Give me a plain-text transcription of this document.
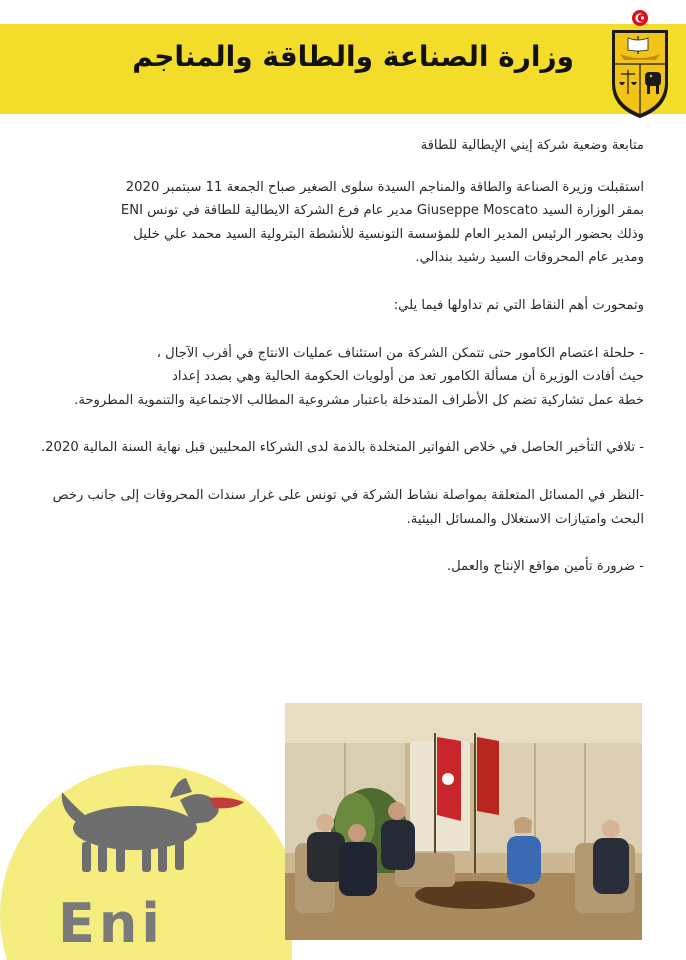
وزارة الصناعة والطاقة والمناجم

متابعة وضعية شركة إيني الإيطالية للطاقة

استقبلت وزيرة الصناعة والطاقة والمناجم السيدة سلوى الصغير صباح الجمعة 11 سبتمبر 2020

بمقر الوزارة السيد Giuseppe Moscato مدير عام فرع الشركة الايطالية للطاقة في تونس ENI

وذلك بحضور الرئيس المدير العام للمؤسسة التونسية للأنشطة البترولية السيد محمد علي خليل

ومدير عام المحروقات السيد رشيد بندالي.

وتمحورت أهم النقاط التي تم تداولها فيما يلي:

- حلحلة اعتصام الكامور حتى تتمكن الشركة من استئناف عمليات الانتاج في أقرب الآجال ،

حيث أفادت الوزيرة أن مسألة الكامور تعد من أولويات الحكومة الحالية وهي بصدد إعداد

خطة عمل تشاركية تضم كل الأطراف المتدخلة باعتبار مشروعية المطالب الاجتماعية والتنموية المطروحة.

- تلافي التأخير الحاصل في خلاص الفواتير المتخلدة بالذمة لدى الشركاء المحليين قبل نهاية السنة المالية 2020.

-النظر في المسائل المتعلقة بمواصلة نشاط الشركة في تونس على غرار سندات المحروقات إلى جانب رخص

البحث وامتيازات الاستغلال والمسائل البيئية.

- ضرورة تأمين مواقع الإنتاج والعمل.

Eni
